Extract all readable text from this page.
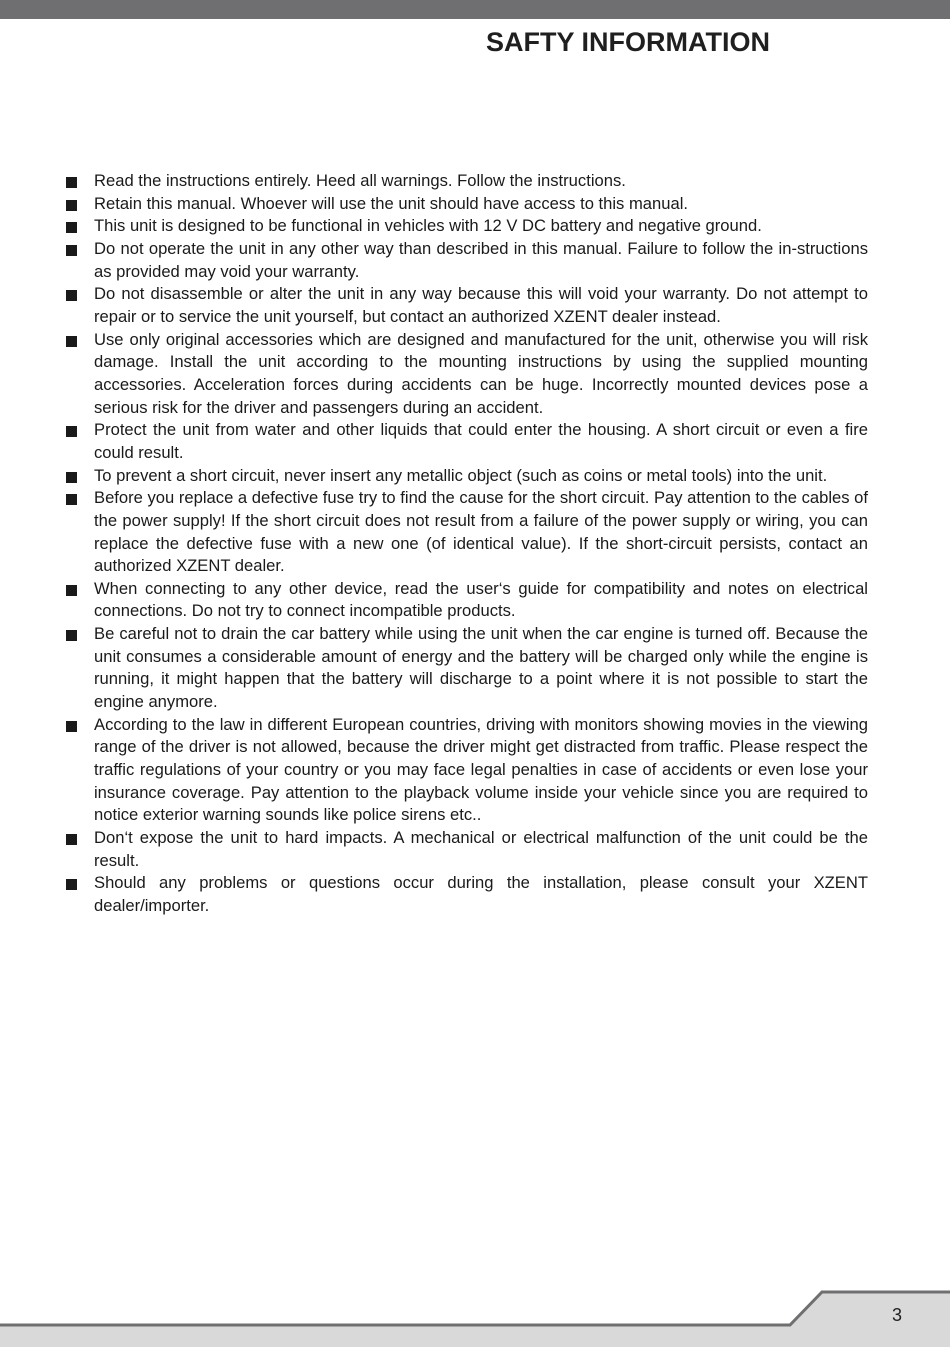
SAFTY INFORMATION
Read the instructions entirely. Heed all warnings. Follow the instructions.
Retain this manual. Whoever will use the unit should have access to this manual.
This unit is designed to be functional in vehicles with 12 V DC battery and negative ground.
Do not operate the unit in any other way than described in this manual. Failure to follow the in-structions as provided may void your warranty.
Do not disassemble or alter the unit in any way because this will void your warranty. Do not attempt to repair or to service the unit yourself, but contact an authorized XZENT dealer instead.
Use only original accessories which are designed and manufactured for the unit, otherwise you will risk damage. Install the unit according to the mounting instructions by using the supplied mounting accessories. Acceleration forces during accidents can be huge. Incorrectly mounted devices pose a serious risk for the driver and passengers during an accident.
Protect the unit from water and other liquids that could enter the housing. A short circuit or even a fire could result.
To prevent a short circuit, never insert any metallic object (such as coins or metal tools) into the unit.
Before you replace a defective fuse try to find the cause for the short circuit. Pay attention to the cables of the power supply! If the short circuit does not result from a failure of the power supply or wiring, you can replace the defective fuse with a new one (of identical value). If the short-circuit persists, contact an authorized XZENT dealer.
When connecting to any other device, read the user‘s guide for compatibility and notes on electrical connections. Do not try to connect incompatible products.
Be careful not to drain the car battery while using the unit when the car engine is turned off. Because the unit consumes a considerable amount of energy and the battery will be charged only while the engine is running, it might happen that the battery will discharge to a point where it is not possible to start the engine anymore.
According to the law in different European countries, driving with monitors showing movies in the viewing range of the driver is not allowed, because the driver might get distracted from traffic. Please respect the traffic regulations of your country or you may face legal penalties in case of accidents or even lose your insurance coverage. Pay attention to the playback volume inside your vehicle since you are required to notice exterior warning sounds like police sirens etc..
Don‘t expose the unit to hard impacts. A mechanical or electrical malfunction of the unit could be the result.
Should any problems or questions occur during the installation, please consult your XZENT dealer/importer.
3
